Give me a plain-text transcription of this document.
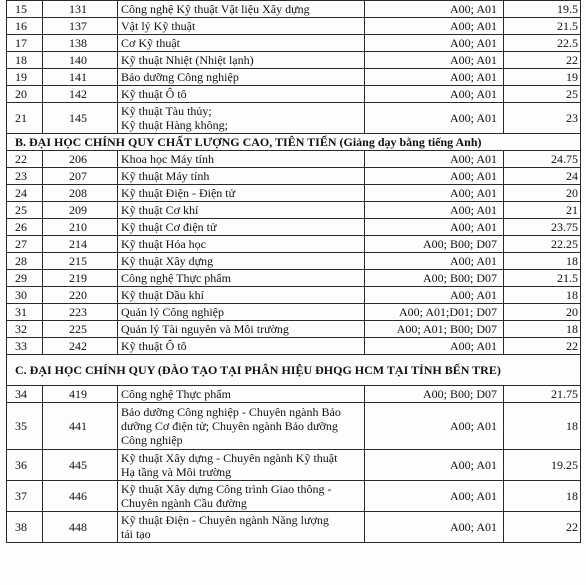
15	131	Công nghệ Kỹ thuật Vật liệu Xây dựng	A00; A01	19.5
16	137	Vật lý Kỹ thuật	A00; A01	21.5
17	138	Cơ Kỹ thuật	A00; A01	22.5
18	140	Kỹ thuật Nhiệt (Nhiệt lạnh)	A00; A01	22
19	141	Bảo dưỡng Công nghiệp	A00; A01	19
20	142	Kỹ thuật Ô tô	A00; A01	25
21	145	Kỹ thuật Tàu thủy;
Kỹ thuật Hàng không;	A00; A01	23
B. ĐẠI HỌC CHÍNH QUY CHẤT LƯỢNG CAO, TIÊN TIẾN (Giảng dạy bằng tiếng Anh)				
22	206	Khoa học Máy tính	A00; A01	24.75
23	207	Kỹ thuật Máy tính	A00; A01	24
24	208	Kỹ thuật Điện - Điện tử	A00; A01	20
25	209	Kỹ thuật Cơ khí	A00; A01	21
26	210	Kỹ thuật Cơ điện tử	A00; A01	23.75
27	214	Kỹ thuật Hóa học	A00; B00; D07	22.25
28	215	Kỹ thuật Xây dựng	A00; A01	18
29	219	Công nghệ Thực phẩm	A00; B00; D07	21.5
30	220	Kỹ thuật Dầu khí	A00; A01	18
31	223	Quản lý Công nghiệp	A00; A01;D01; D07	20
32	225	Quản lý Tài nguyên và Môi trường	A00; A01; B00; D07	18
33	242	Kỹ thuật Ô tô	A00; A01	22
C. ĐẠI HỌC CHÍNH QUY (ĐÀO TẠO TẠI PHÂN HIỆU ĐHQG HCM TẠI TỈNH BẾN TRE)				
34	419	Công nghệ Thực phẩm	A00; B00; D07	21.75
35	441	Bảo dưỡng Công nghiệp - Chuyên ngành Bảo
dưỡng Cơ điện tử; Chuyên ngành Bảo dưỡng
Công nghiệp	A00; A01	18
36	445	Kỹ thuật Xây dựng - Chuyên ngành Kỹ thuật
Hạ tầng và Môi trường	A00; A01	19.25
37	446	Kỹ thuật Xây dựng Công trình Giao thông -
Chuyên ngành Cầu đường	A00; A01	18
38	448	Kỹ thuật Điện - Chuyên ngành Năng lượng
tái tạo	A00; A01	22
